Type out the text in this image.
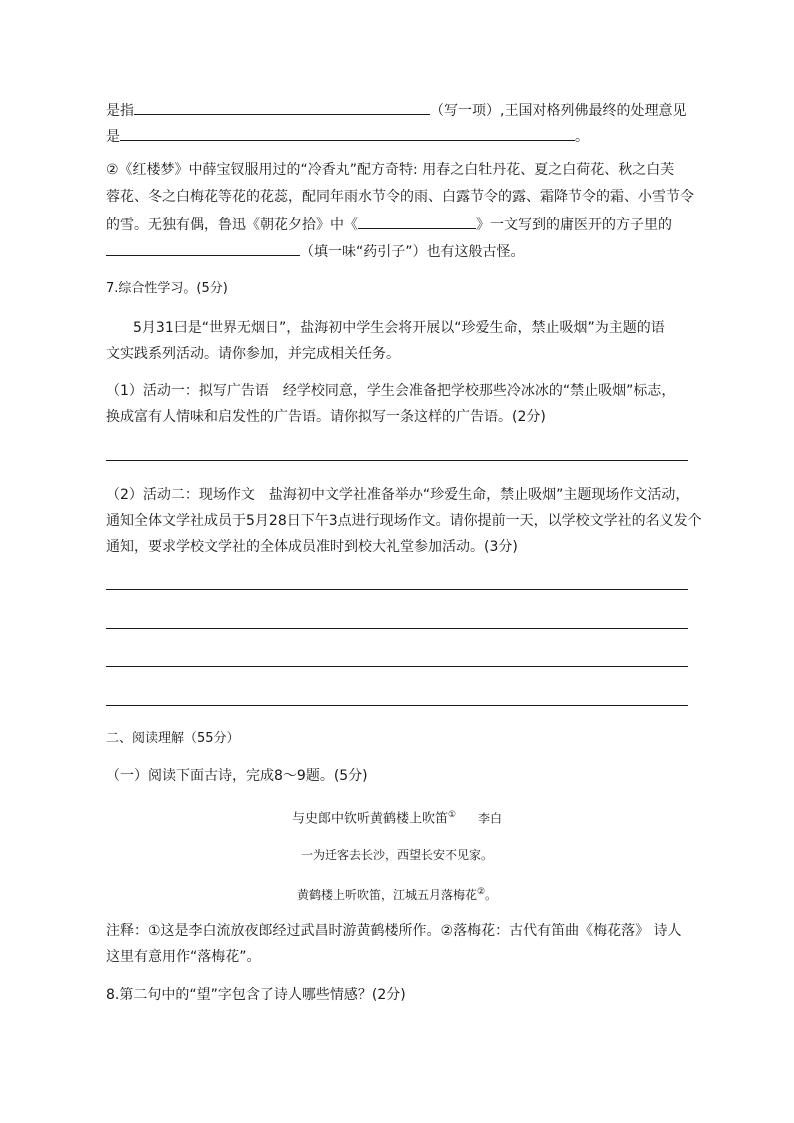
是指	（写一项）,王国对格列佛最终的处理意见
是	。
②《红楼梦》中薛宝钗服用过的“冷香丸”配方奇特: 用春之白牡丹花、夏之白荷花、秋之白芙
蓉花、冬之白梅花等花的花蕊，配同年雨水节令的雨、白露节令的露、霜降节令的霜、小雪节令
的雪。无独有偶，鲁迅《朝花夕拾》中《	》一文写到的庸医开的方子里的
（填一味“药引子”）也有这般古怪。
7.综合性学习。(5分)
5月31曰是“世界无烟日”，盐海初中学生会将开展以“珍爱生命，禁止吸烟”为主题的语
文实践系列活动。请你参加，并完成相关任务。
（1）活动一：拟写广告语　经学校同意，学生会准备把学校那些冷冰冰的“禁止吸烟”标志，
换成富有人情味和启发性的广告语。请你拟写一条这样的广告语。(2分)
（2）活动二：现场作文　盐海初中文学社准备举办“珍爱生命，禁止吸烟”主题现场作文活动，
通知全体文学社成员于5月28日下午3点进行现场作文。请你提前一天，以学校文学社的名义发个
通知，要求学校文学社的全体成员准时到校大礼堂参加活动。(3分)
二、阅读理解（55分）
（一）阅读下面古诗，完成8～9题。(5分)
与史郎中钦听黄鹤楼上吹笛① 李白
一为迁客去长沙，西望长安不见家。
黄鹤楼上听吹笛，江城五月落梅花②。
注释：①这是李白流放夜郎经过武昌时游黄鹤楼所作。②落梅花：古代有笛曲《梅花落》 诗人
这里有意用作“落梅花”。
8.第二句中的“望”字包含了诗人哪些情感？(2分)
